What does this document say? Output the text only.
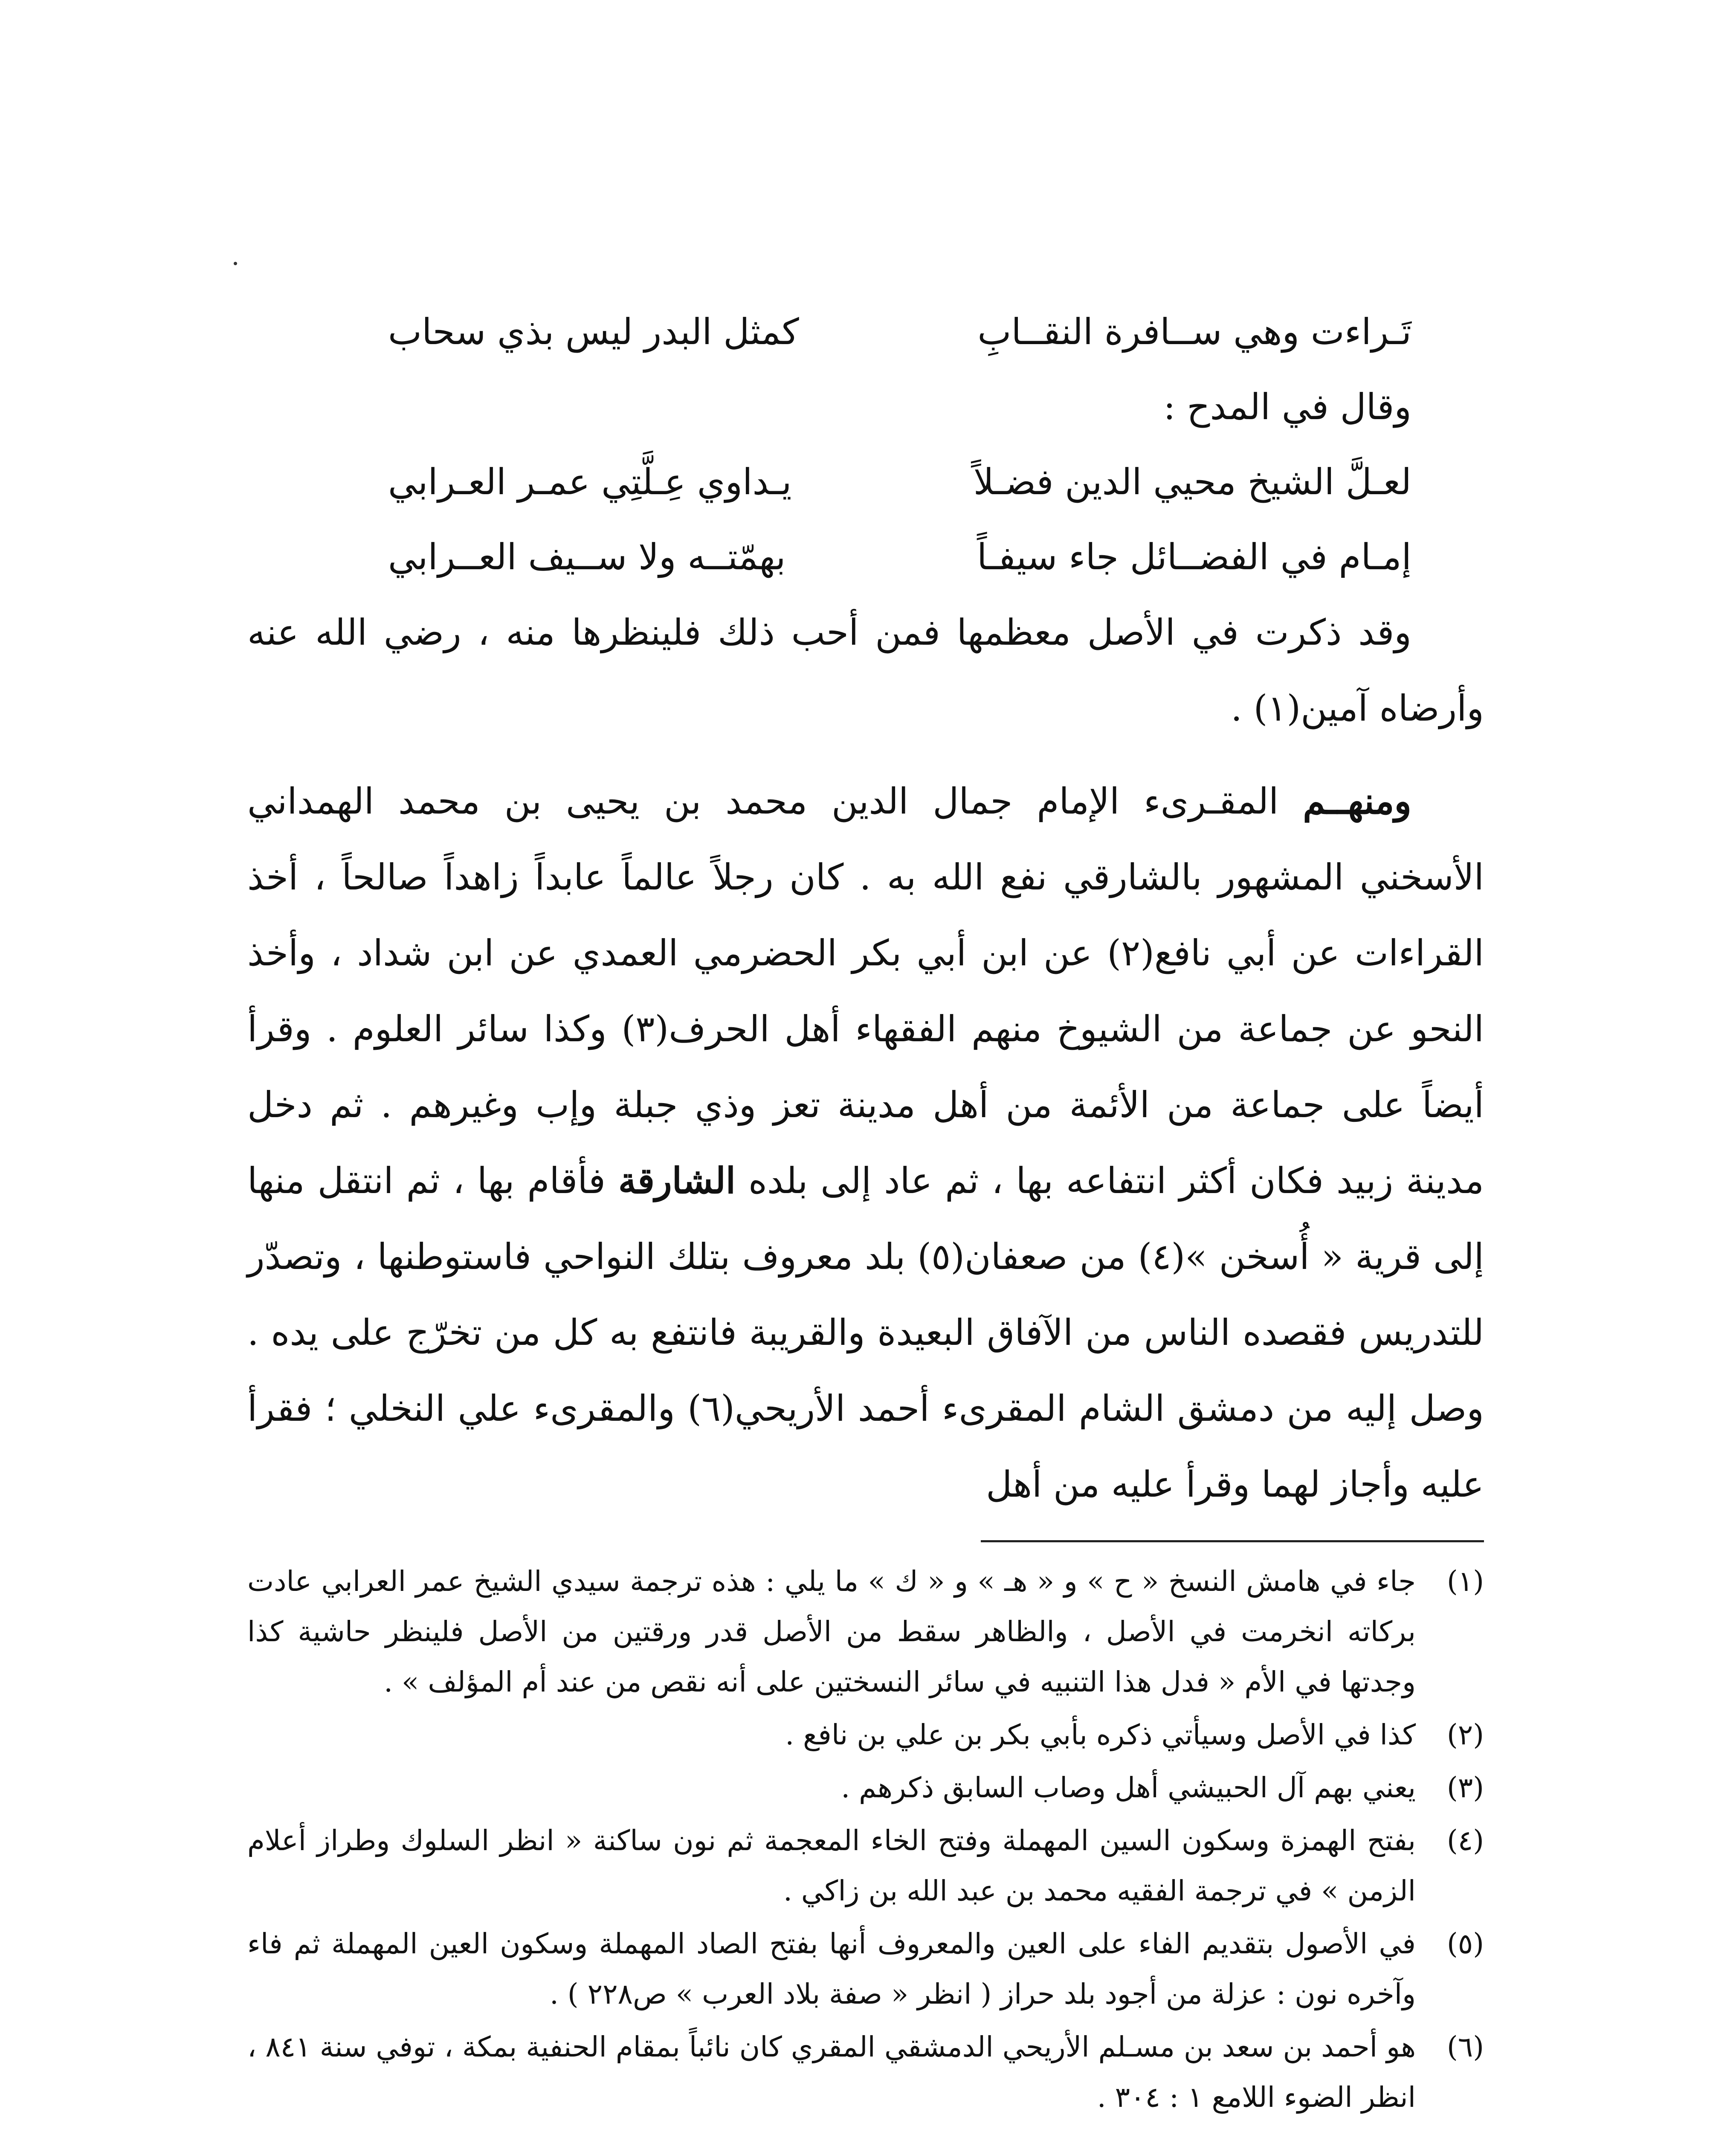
تَـراءت وهي ســافرة النقــابِ
كمثل البدر ليس بذي سحاب
وقال في المدح :
لعـلَّ الشيخ محيي الدين فضـلاً
يـداوي عِـلَّتِي عمـر العـرابي
إمـام في الفضــائل جاء سيفـاً
بهمّتــه ولا ســيف العــرابي

وقد ذكرت في الأصل معظمها فمن أحب ذلك فلينظرها منه ، رضي الله عنه وأرضاه آمين(١) .

ومنهــم المقـرىء الإمام جمال الدين محمد بن يحيى بن محمد الهمداني الأسخني المشهور بالشارقي نفع الله به . كان رجلاً عالماً عابداً زاهداً صالحاً ، أخذ القراءات عن أبي نافع(٢) عن ابن أبي بكر الحضرمي العمدي عن ابن شداد ، وأخذ النحو عن جماعة من الشيوخ منهم الفقهاء أهل الحرف(٣) وكذا سائر العلوم . وقرأ أيضاً على جماعة من الأئمة من أهل مدينة تعز وذي جبلة وإب وغيرهم . ثم دخل مدينة زبيد فكان أكثر انتفاعه بها ، ثم عاد إلى بلده الشارقة فأقام بها ، ثم انتقل منها إلى قرية « أُسخن »(٤) من صعفان(٥) بلد معروف بتلك النواحي فاستوطنها ، وتصدّر للتدريس فقصده الناس من الآفاق البعيدة والقريبة فانتفع به كل من تخرّج على يده . وصل إليه من دمشق الشام المقرىء أحمد الأريحي(٦) والمقرىء علي النخلي ؛ فقرأ عليه وأجاز لهما وقرأ عليه من أهل

(١)
جاء في هامش النسخ « ح » و « هـ » و « ك » ما يلي : هذه ترجمة سيدي الشيخ عمر العرابي عادت بركاته انخرمت في الأصل ، والظاهر سقط من الأصل قدر ورقتين من الأصل فلينظر حاشية كذا وجدتها في الأم « فدل هذا التنبيه في سائر النسختين على أنه نقص من عند أم المؤلف » .
(٢)
كذا في الأصل وسيأتي ذكره بأبي بكر بن علي بن نافع .
(٣)
يعني بهم آل الحبيشي أهل وصاب السابق ذكرهم .
(٤)
بفتح الهمزة وسكون السين المهملة وفتح الخاء المعجمة ثم نون ساكنة « انظر السلوك وطراز أعلام الزمن » في ترجمة الفقيه محمد بن عبد الله بن زاكي .
(٥)
في الأصول بتقديم الفاء على العين والمعروف أنها بفتح الصاد المهملة وسكون العين المهملة ثم فاء وآخره نون : عزلة من أجود بلد حراز ( انظر « صفة بلاد العرب » ص٢٢٨ ) .
(٦)
هو أحمد بن سعد بن مسـلم الأريحي الدمشقي المقري كان نائباً بمقام الحنفية بمكة ، توفي سنة ٨٤١ ، انظر الضوء اللامع ١ : ٣٠٤ .
